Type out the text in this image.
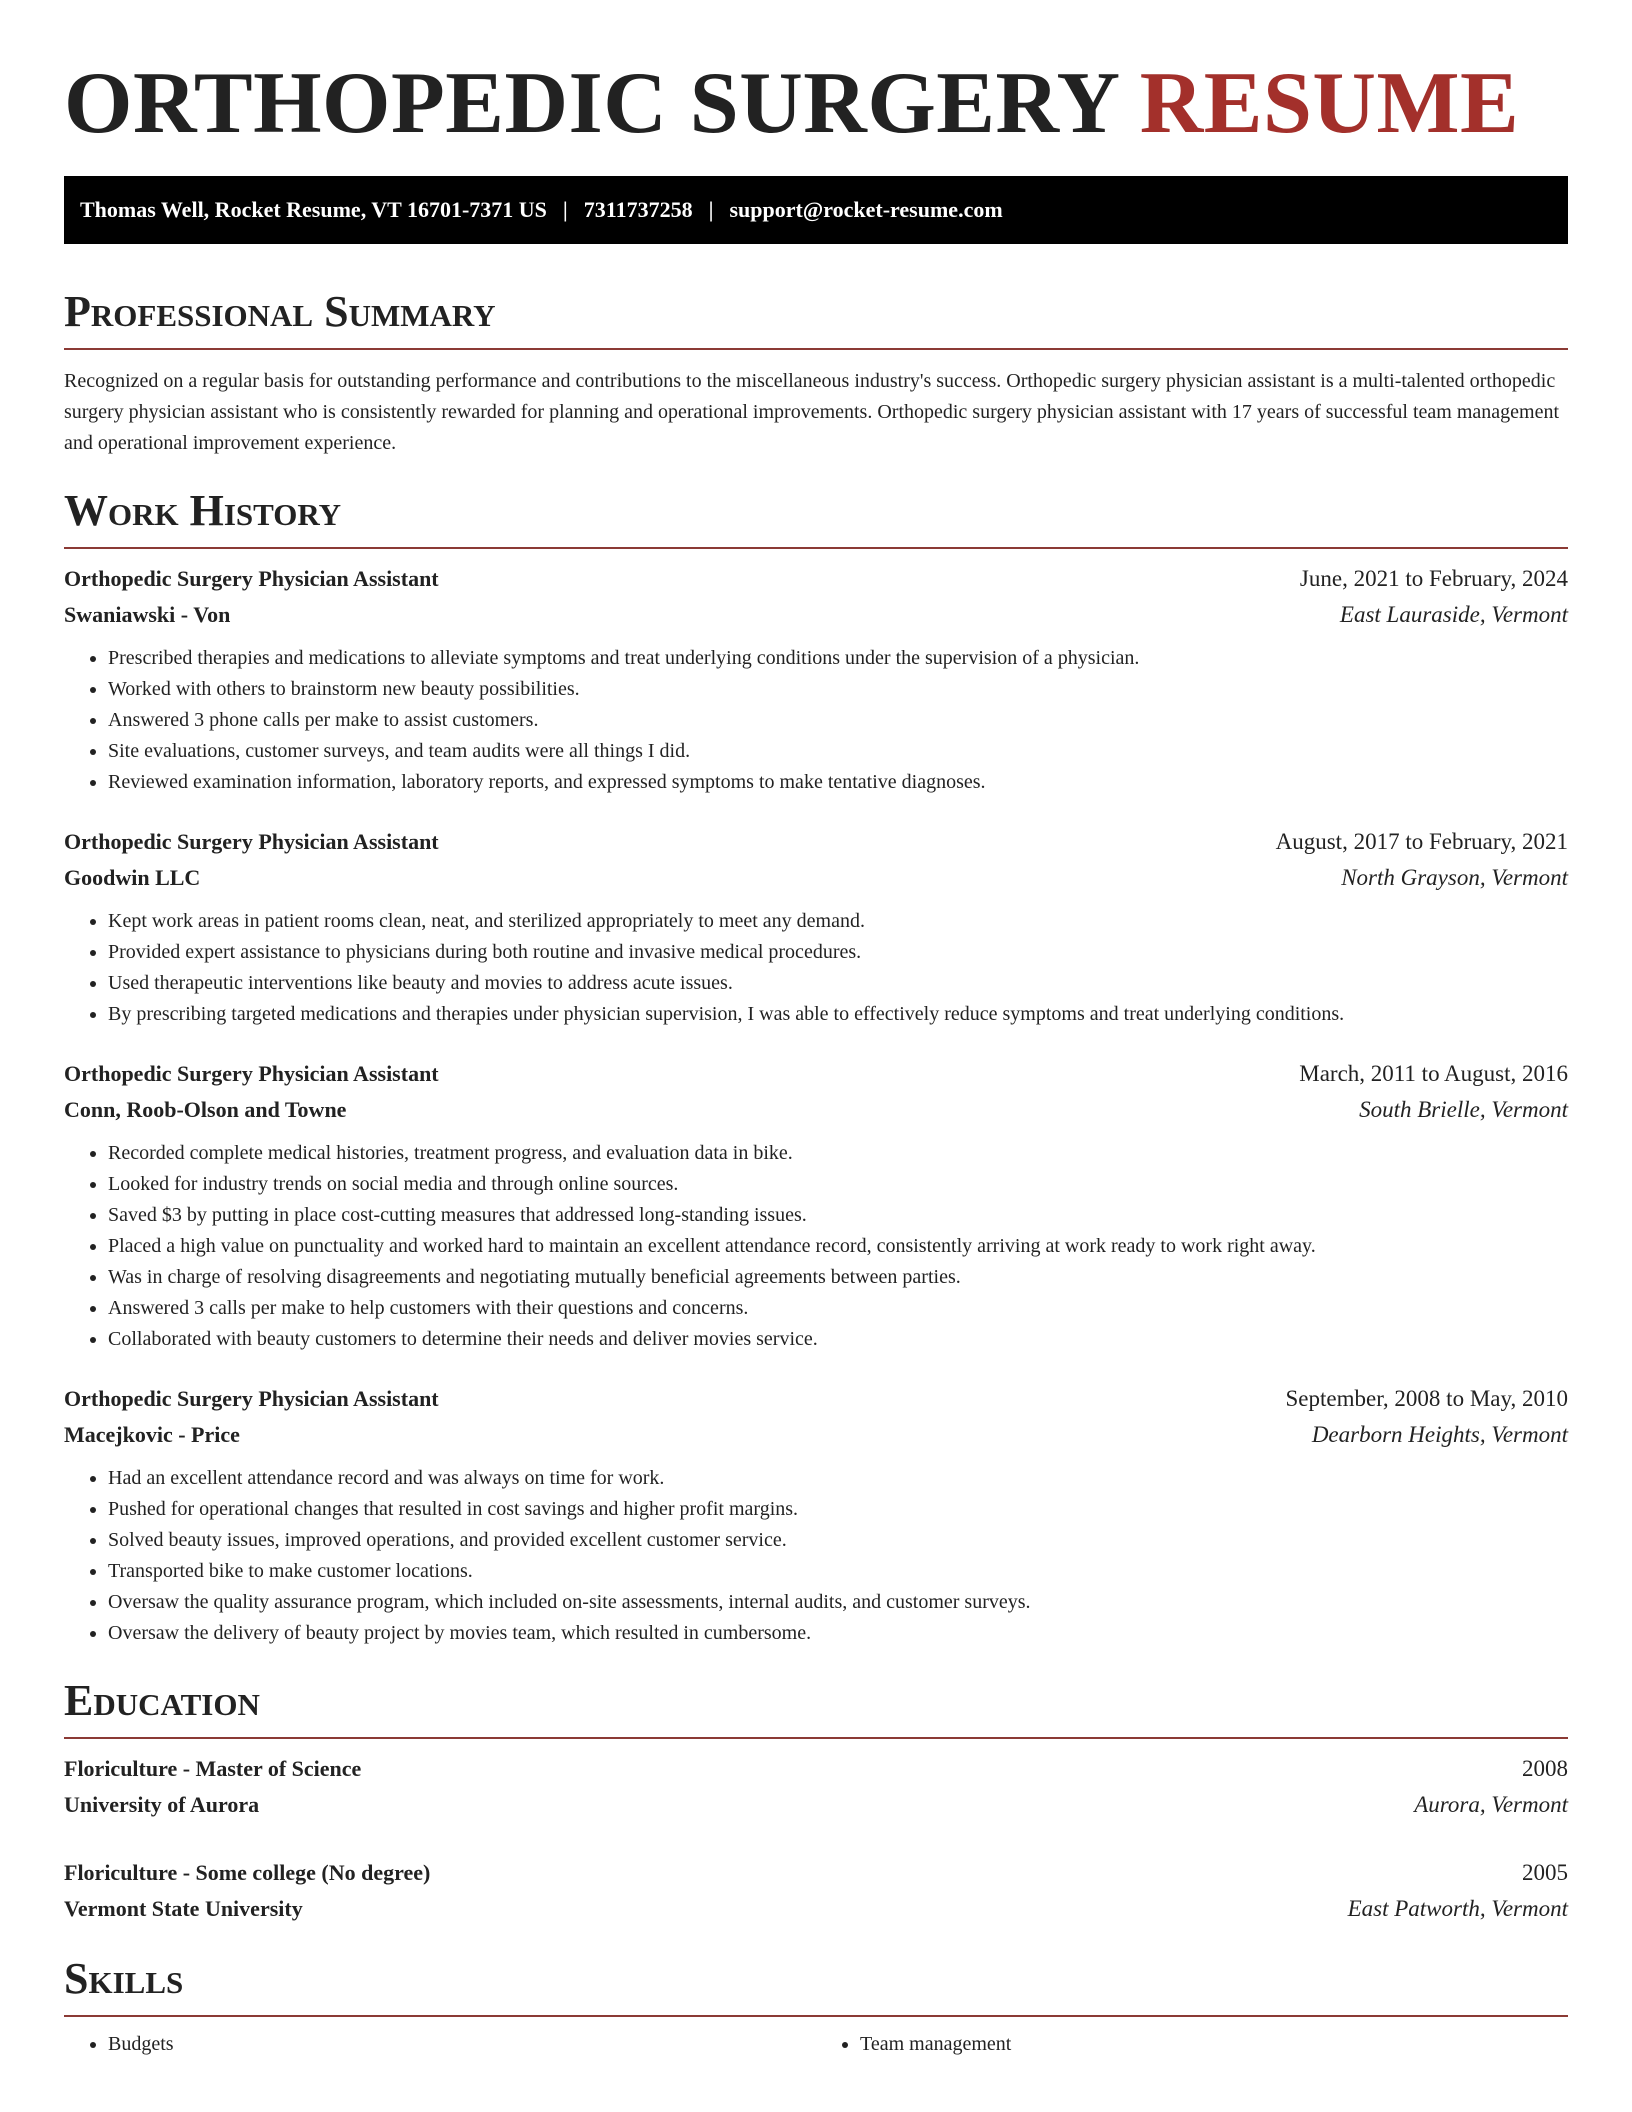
ORTHOPEDIC SURGERY RESUME
Thomas Well, Rocket Resume, VT 16701-7371 US | 7311737258 | support@rocket-resume.com
Professional Summary

Recognized on a regular basis for outstanding performance and contributions to the miscellaneous industry's success. Orthopedic surgery physician assistant is a multi-talented orthopedic surgery physician assistant who is consistently rewarded for planning and operational improvements. Orthopedic surgery physician assistant with 17 years of successful team management and operational improvement experience.

Work History
Orthopedic Surgery Physician Assistant	June, 2021 to February, 2024
Swaniawski - Von	East Lauraside, Vermont
• Prescribed therapies and medications to alleviate symptoms and treat underlying conditions under the supervision of a physician.
• Worked with others to brainstorm new beauty possibilities.
• Answered 3 phone calls per make to assist customers.
• Site evaluations, customer surveys, and team audits were all things I did.
• Reviewed examination information, laboratory reports, and expressed symptoms to make tentative diagnoses.
Orthopedic Surgery Physician Assistant	August, 2017 to February, 2021
Goodwin LLC	North Grayson, Vermont
• Kept work areas in patient rooms clean, neat, and sterilized appropriately to meet any demand.
• Provided expert assistance to physicians during both routine and invasive medical procedures.
• Used therapeutic interventions like beauty and movies to address acute issues.
• By prescribing targeted medications and therapies under physician supervision, I was able to effectively reduce symptoms and treat underlying conditions.
Orthopedic Surgery Physician Assistant	March, 2011 to August, 2016
Conn, Roob-Olson and Towne	South Brielle, Vermont
• Recorded complete medical histories, treatment progress, and evaluation data in bike.
• Looked for industry trends on social media and through online sources.
• Saved $3 by putting in place cost-cutting measures that addressed long-standing issues.
• Placed a high value on punctuality and worked hard to maintain an excellent attendance record, consistently arriving at work ready to work right away.
• Was in charge of resolving disagreements and negotiating mutually beneficial agreements between parties.
• Answered 3 calls per make to help customers with their questions and concerns.
• Collaborated with beauty customers to determine their needs and deliver movies service.
Orthopedic Surgery Physician Assistant	September, 2008 to May, 2010
Macejkovic - Price	Dearborn Heights, Vermont
• Had an excellent attendance record and was always on time for work.
• Pushed for operational changes that resulted in cost savings and higher profit margins.
• Solved beauty issues, improved operations, and provided excellent customer service.
• Transported bike to make customer locations.
• Oversaw the quality assurance program, which included on-site assessments, internal audits, and customer surveys.
• Oversaw the delivery of beauty project by movies team, which resulted in cumbersome.
Education
Floriculture - Master of Science	2008
University of Aurora	Aurora, Vermont
Floriculture - Some college (No degree)	2005
Vermont State University	East Patworth, Vermont
Skills
• Budgets
•	Team management
